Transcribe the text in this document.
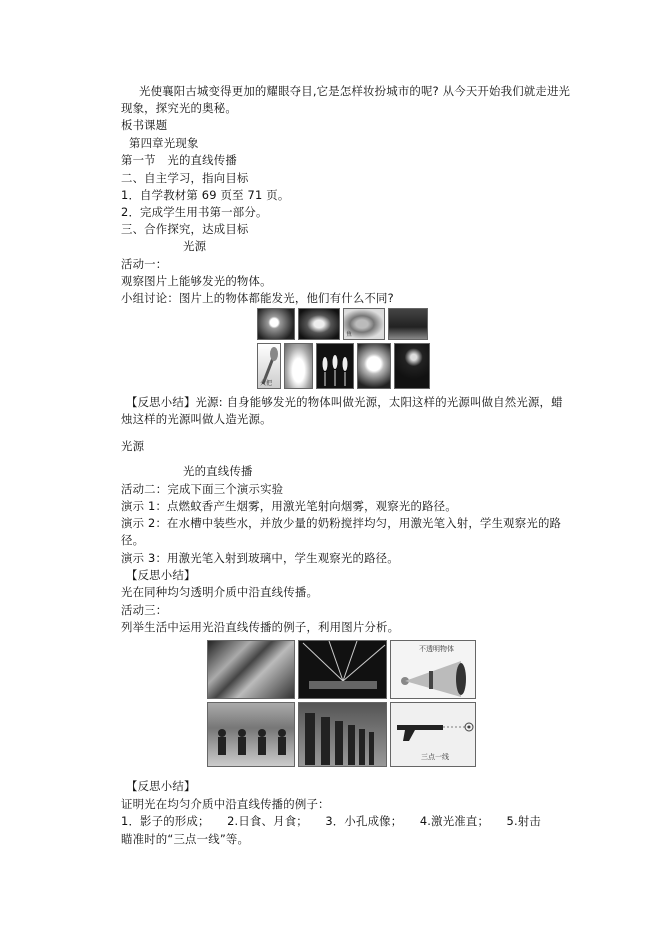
光使襄阳古城变得更加的耀眼夺目,它是怎样妆扮城市的呢? 从今天开始我们就走进光
现象，探究光的奥秘。
板书课题
第四章光现象
第一节　光的直线传播
二、自主学习，指向目标
1．自学教材第 69 页至 71 页。
2．完成学生用书第一部分。
三、合作探究，达成目标
光源
活动一：
观察图片上能够发光的物体。
小组讨论：图片上的物体都能发光，他们有什么不同?
鱼
火把
【反思小结】光源: 自身能够发光的物体叫做光源，太阳这样的光源叫做自然光源，蜡
烛这样的光源叫做人造光源。
光源
光的直线传播
活动二：完成下面三个演示实验
演示 1：点燃蚊香产生烟雾，用激光笔射向烟雾，观察光的路径。
演示 2：在水槽中装些水，并放少量的奶粉搅拌均匀，用激光笔入射，学生观察光的路
径。
演示 3：用激光笔入射到玻璃中，学生观察光的路径。
【反思小结】
光在同种均匀透明介质中沿直线传播。
活动三：
列举生活中运用光沿直线传播的例子，利用图片分析。
不透明物体
三点一线
【反思小结】
证明光在均匀介质中沿直线传播的例子：
1．影子的形成；　　2.日食、月食；　　3．小孔成像；　　4.激光准直；　　5.射击
瞄准时的“三点一线”等。
